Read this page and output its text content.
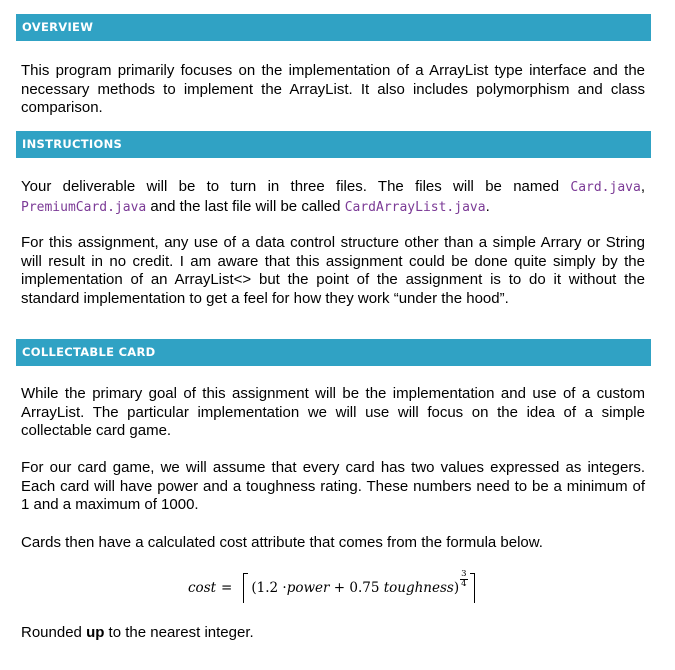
OVERVIEW

This program primarily focuses on the implementation of a ArrayList type interface and the necessary methods to implement the ArrayList. It also includes polymorphism and class comparison.

INSTRUCTIONS

Your deliverable will be to turn in three files. The files will be named Card.java, PremiumCard.java and the last file will be called CardArrayList.java.

For this assignment, any use of a data control structure other than a simple Arrary or String will result in no credit. I am aware that this assignment could be done quite simply by the implementation of an ArrayList<> but the point of the assignment is to do it without the standard implementation to get a feel for how they work “under the hood”.

COLLECTABLE CARD

While the primary goal of this assignment will be the implementation and use of a custom ArrayList. The particular implementation we will use will focus on the idea of a simple collectable card game.

For our card game, we will assume that every card has two values expressed as integers. Each card will have power and a toughness rating. These numbers need to be a minimum of 1 and a maximum of 1000.

Cards then have a calculated cost attribute that comes from the formula below.

cost = (1.2 · power + 0.75 toughness ) $\frac{3}{4}$

Rounded up to the nearest integer.
